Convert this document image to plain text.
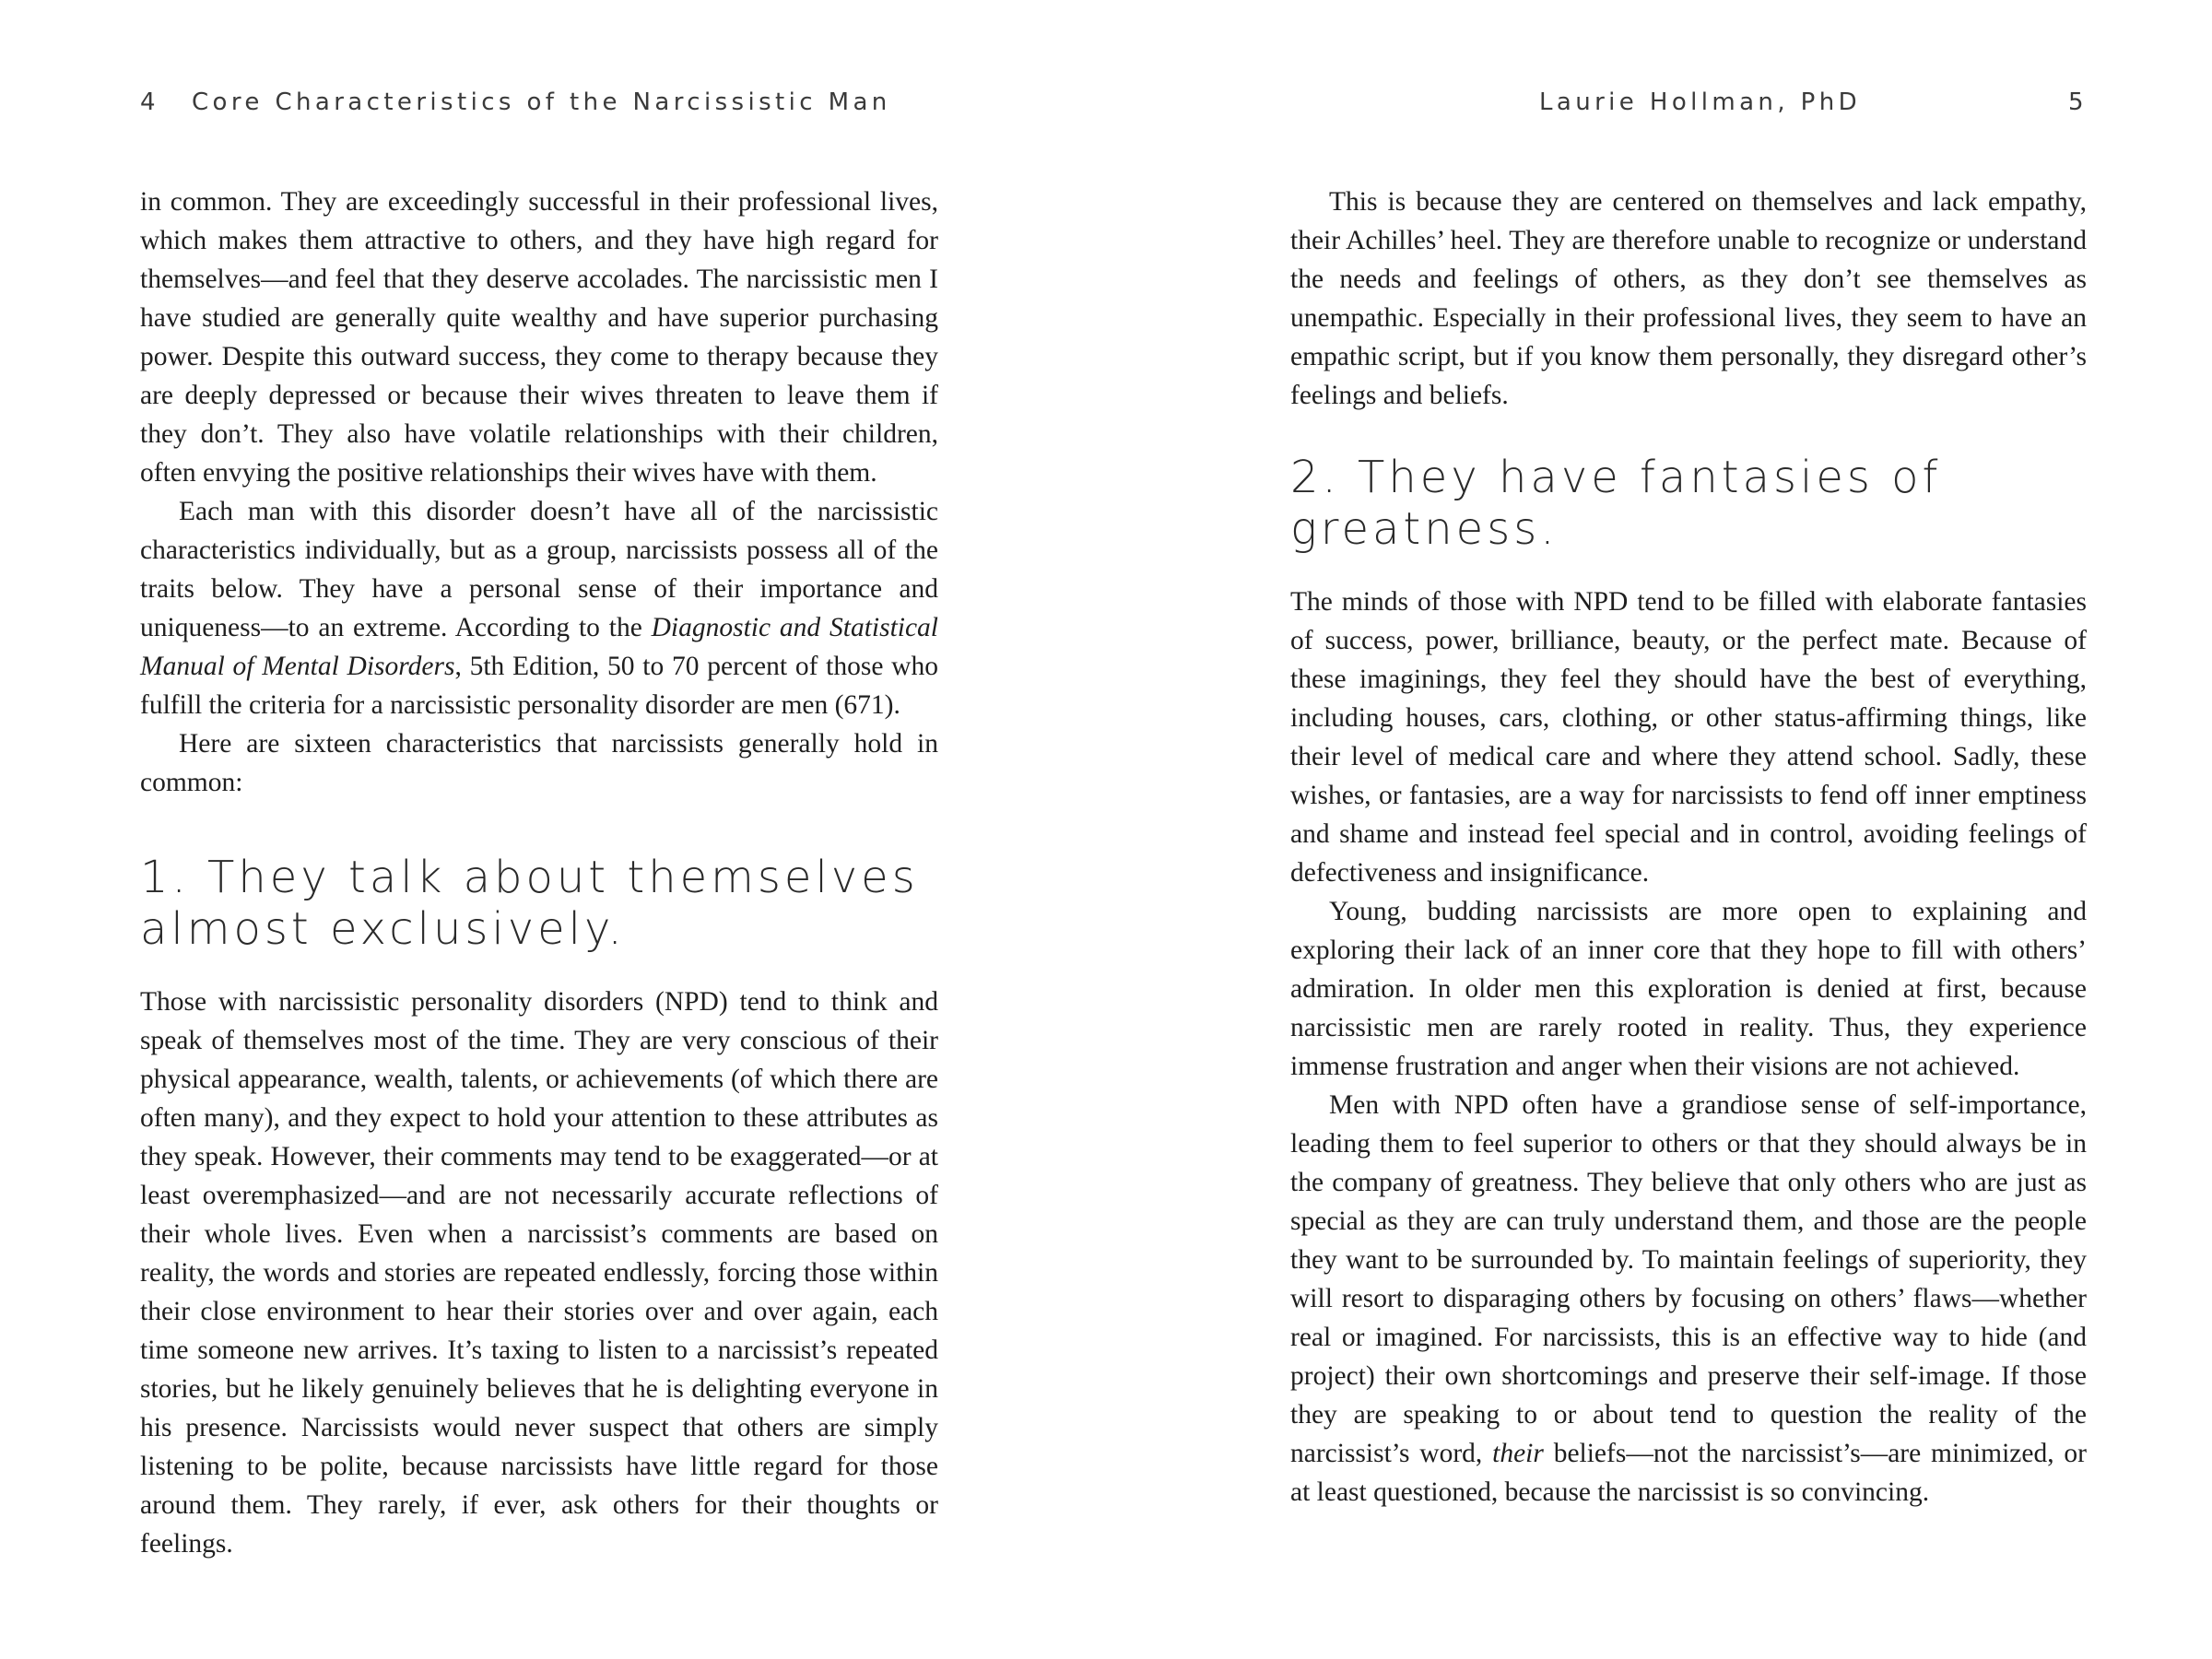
4 Core Characteristics of the Narcissistic Man

in common. They are exceedingly successful in their professional lives, which makes them attractive to others, and they have high regard for themselves—and feel that they deserve accolades. The narcissistic men I have studied are generally quite wealthy and have superior purchasing power. Despite this outward success, they come to therapy because they are deeply depressed or because their wives threaten to leave them if they don’t. They also have volatile relationships with their children, often envying the positive relationships their wives have with them.

Each man with this disorder doesn’t have all of the narcissistic characteristics individually, but as a group, narcissists possess all of the traits below. They have a personal sense of their importance and uniqueness—to an extreme. According to the Diagnostic and Statistical Manual of Mental Disorders, 5th Edition, 50 to 70 percent of those who fulfill the criteria for a narcissistic personality disorder are men (671).

Here are sixteen characteristics that narcissists generally hold in common:

1. They talk about themselves almost exclusively.

Those with narcissistic personality disorders (NPD) tend to think and speak of themselves most of the time. They are very conscious of their physical appearance, wealth, talents, or achievements (of which there are often many), and they expect to hold your attention to these attributes as they speak. However, their comments may tend to be exaggerated—or at least overemphasized—and are not necessarily accurate reflections of their whole lives. Even when a narcissist’s comments are based on reality, the words and stories are repeated endlessly, forcing those within their close environment to hear their stories over and over again, each time someone new arrives. It’s taxing to listen to a narcissist’s repeated stories, but he likely genuinely believes that he is delighting everyone in his presence. Narcissists would never suspect that others are simply listening to be polite, because narcissists have little regard for those around them. They rarely, if ever, ask others for their thoughts or feelings.

Laurie Hollman, PhD	5

This is because they are centered on themselves and lack empathy, their Achilles’ heel. They are therefore unable to recognize or understand the needs and feelings of others, as they don’t see themselves as unempathic. Especially in their professional lives, they seem to have an empathic script, but if you know them personally, they disregard other’s feelings and beliefs.

2. They have fantasies of greatness.

The minds of those with NPD tend to be filled with elaborate fantasies of success, power, brilliance, beauty, or the perfect mate. Because of these imaginings, they feel they should have the best of everything, including houses, cars, clothing, or other status-affirming things, like their level of medical care and where they attend school. Sadly, these wishes, or fantasies, are a way for narcissists to fend off inner emptiness and shame and instead feel special and in control, avoiding feelings of defectiveness and insignificance.

Young, budding narcissists are more open to explaining and exploring their lack of an inner core that they hope to fill with others’ admiration. In older men this exploration is denied at first, because narcissistic men are rarely rooted in reality. Thus, they experience immense frustration and anger when their visions are not achieved.

Men with NPD often have a grandiose sense of self-importance, leading them to feel superior to others or that they should always be in the company of greatness. They believe that only others who are just as special as they are can truly understand them, and those are the people they want to be surrounded by. To maintain feelings of superiority, they will resort to disparaging others by focusing on others’ flaws—whether real or imagined. For narcissists, this is an effective way to hide (and project) their own shortcomings and preserve their self-image. If those they are speaking to or about tend to question the reality of the narcissist’s word, their beliefs—not the narcissist’s—are minimized, or at least questioned, because the narcissist is so convincing.
